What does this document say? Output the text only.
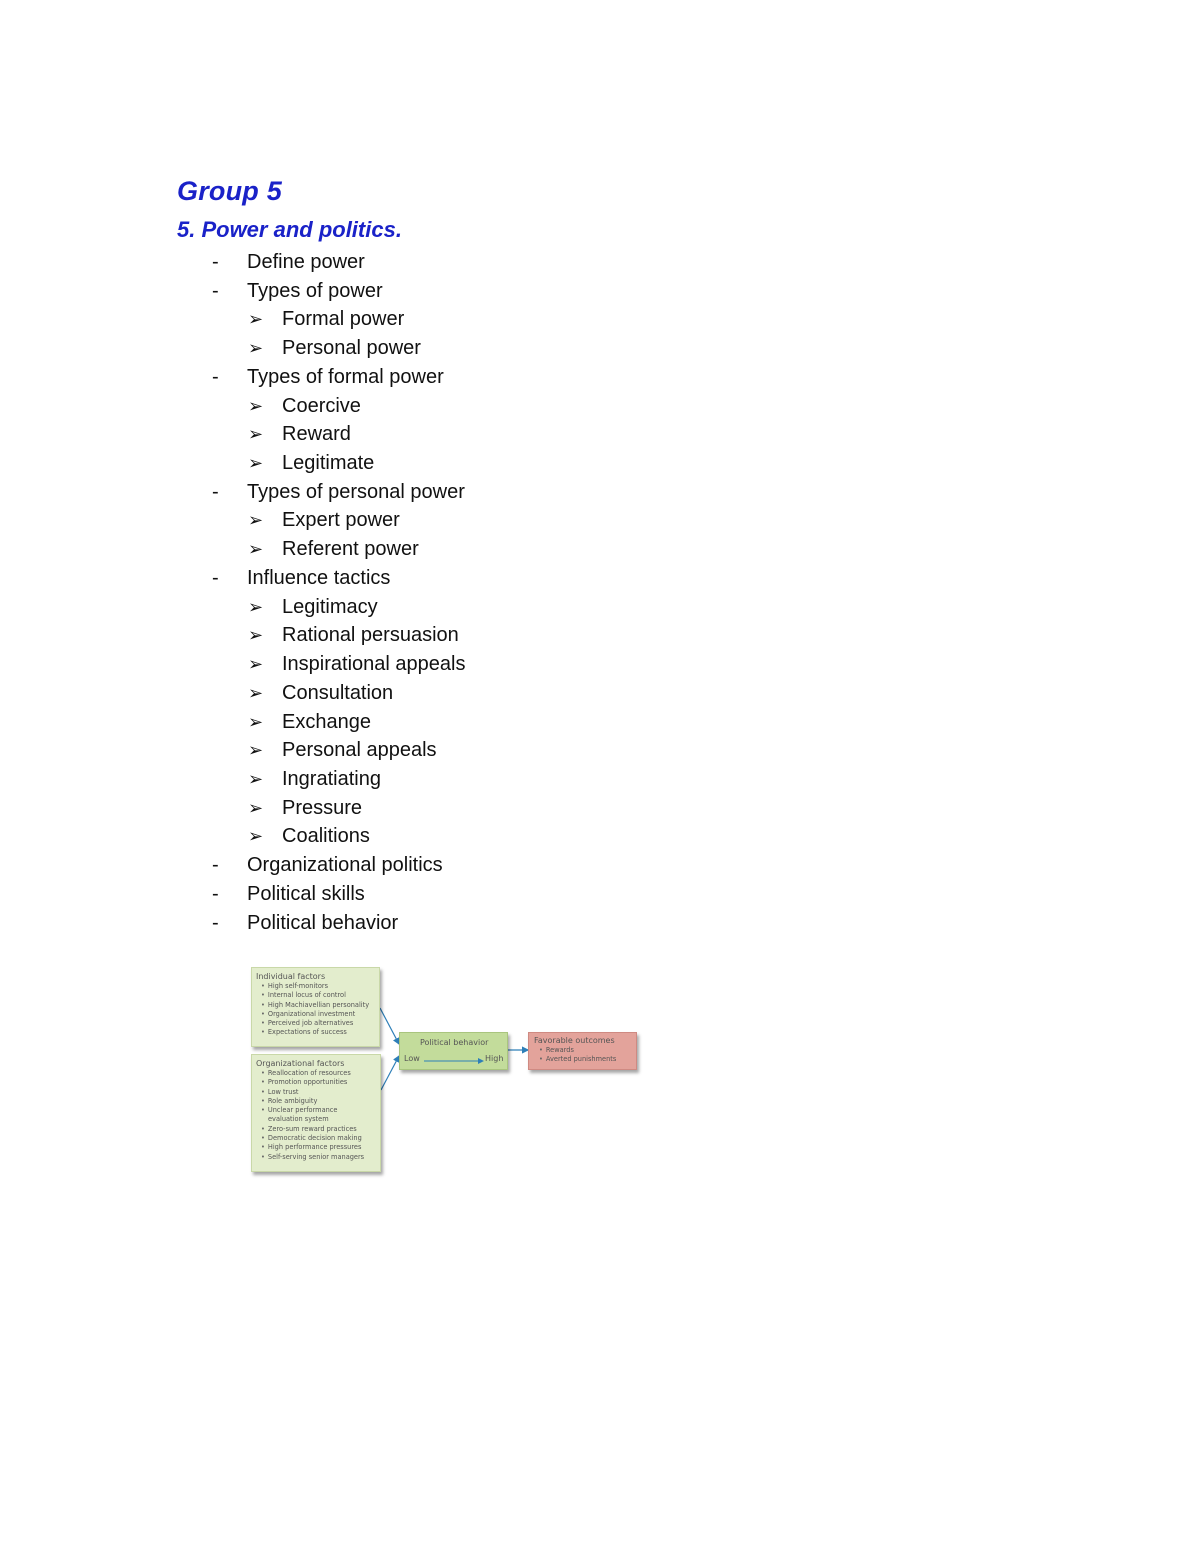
Group 5
5. Power and politics.
- Define power
- Types of power
➢ Formal power
➢ Personal power
- Types of formal power
➢ Coercive
➢ Reward
➢ Legitimate
- Types of personal power
➢ Expert power
➢ Referent power
- Influence tactics
➢ Legitimacy
➢ Rational persuasion
➢ Inspirational appeals
➢ Consultation
➢ Exchange
➢ Personal appeals
➢ Ingratiating
➢ Pressure
➢ Coalitions
- Organizational politics
- Political skills
- Political behavior
Individual factors
• High self-monitors
• Internal locus of control
• High Machiavellian personality
• Organizational investment
• Perceived job alternatives
• Expectations of success
Organizational factors
• Reallocation of resources
• Promotion opportunities
• Low trust
• Role ambiguity
• Unclear performance
evaluation system
• Zero-sum reward practices
• Democratic decision making
• High performance pressures
• Self-serving senior managers
Political behavior
Low	High
Favorable outcomes
• Rewards
• Averted punishments
